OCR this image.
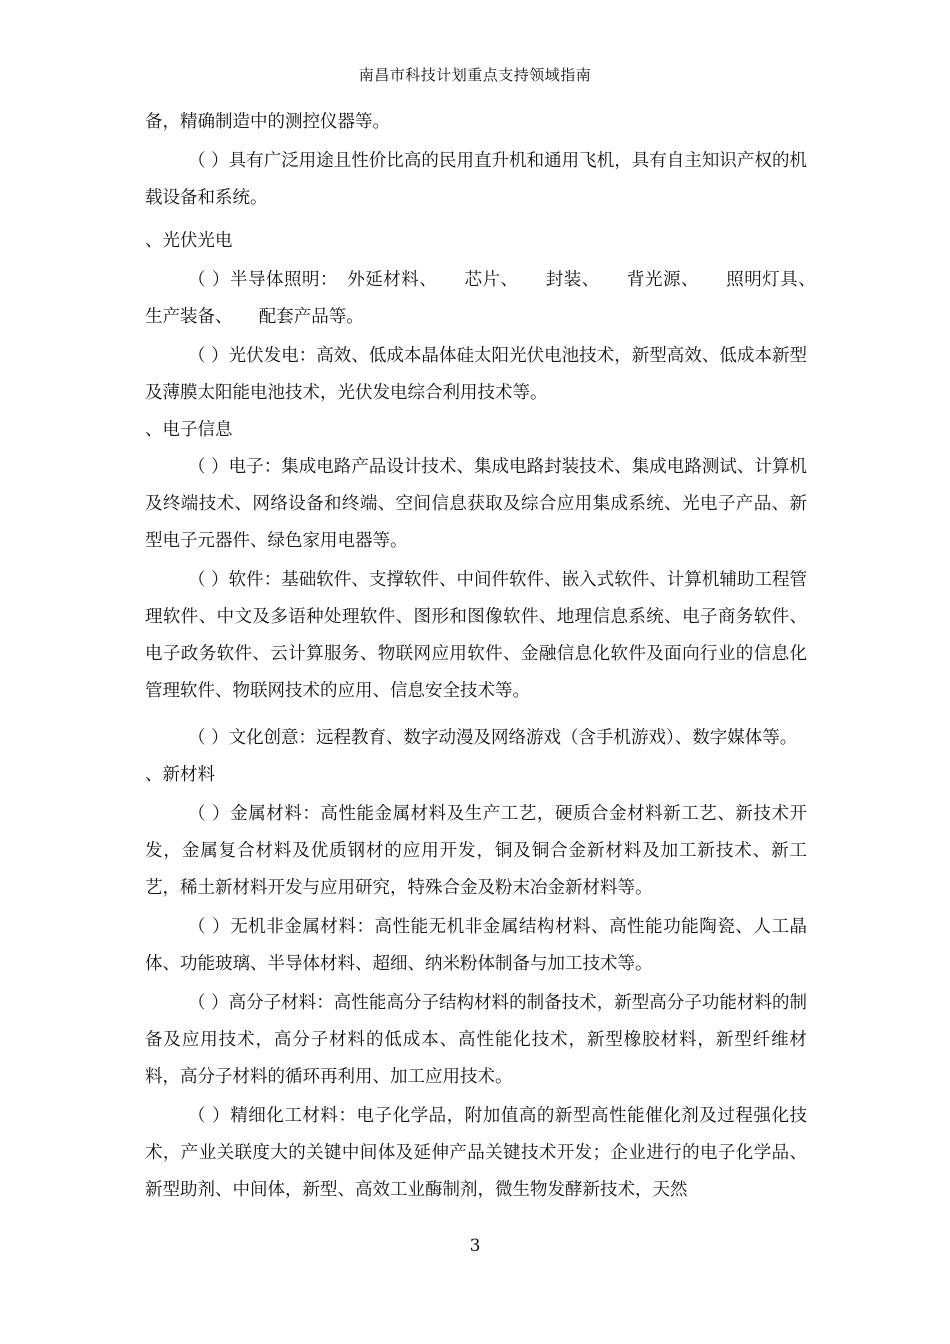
南昌市科技计划重点支持领域指南

备，精确制造中的测控仪器等。

（ ）具有广泛用途且性价比高的民用直升机和通用飞机，具有自主知识产权的机载设备和系统。

、光伏光电

（ ）半导体照明：　外延材料、　　芯片、　　封装、　　背光源、　　照明灯具、　　生产装备、　　配套产品等。

（ ）光伏发电：高效、低成本晶体硅太阳光伏电池技术，新型高效、低成本新型及薄膜太阳能电池技术，光伏发电综合利用技术等。

、电子信息

（ ）电子：集成电路产品设计技术、集成电路封装技术、集成电路测试、计算机及终端技术、网络设备和终端、空间信息获取及综合应用集成系统、光电子产品、新型电子元器件、绿色家用电器等。

（ ）软件：基础软件、支撑软件、中间件软件、嵌入式软件、计算机辅助工程管理软件、中文及多语种处理软件、图形和图像软件、地理信息系统、电子商务软件、电子政务软件、云计算服务、物联网应用软件、金融信息化软件及面向行业的信息化管理软件、物联网技术的应用、信息安全技术等。

（ ）文化创意：远程教育、数字动漫及网络游戏（含手机游戏）、数字媒体等。

、新材料

（ ）金属材料：高性能金属材料及生产工艺，硬质合金材料新工艺、新技术开发，金属复合材料及优质钢材的应用开发，铜及铜合金新材料及加工新技术、新工艺，稀土新材料开发与应用研究，特殊合金及粉末冶金新材料等。

（ ）无机非金属材料：高性能无机非金属结构材料、高性能功能陶瓷、人工晶体、功能玻璃、半导体材料、超细、纳米粉体制备与加工技术等。

（ ）高分子材料：高性能高分子结构材料的制备技术，新型高分子功能材料的制备及应用技术，高分子材料的低成本、高性能化技术，新型橡胶材料，新型纤维材料，高分子材料的循环再利用、加工应用技术。

（ ）精细化工材料：电子化学品，附加值高的新型高性能催化剂及过程强化技术，产业关联度大的关键中间体及延伸产品关键技术开发；企业进行的电子化学品、新型助剂、中间体，新型、高效工业酶制剂，微生物发酵新技术，天然

3
